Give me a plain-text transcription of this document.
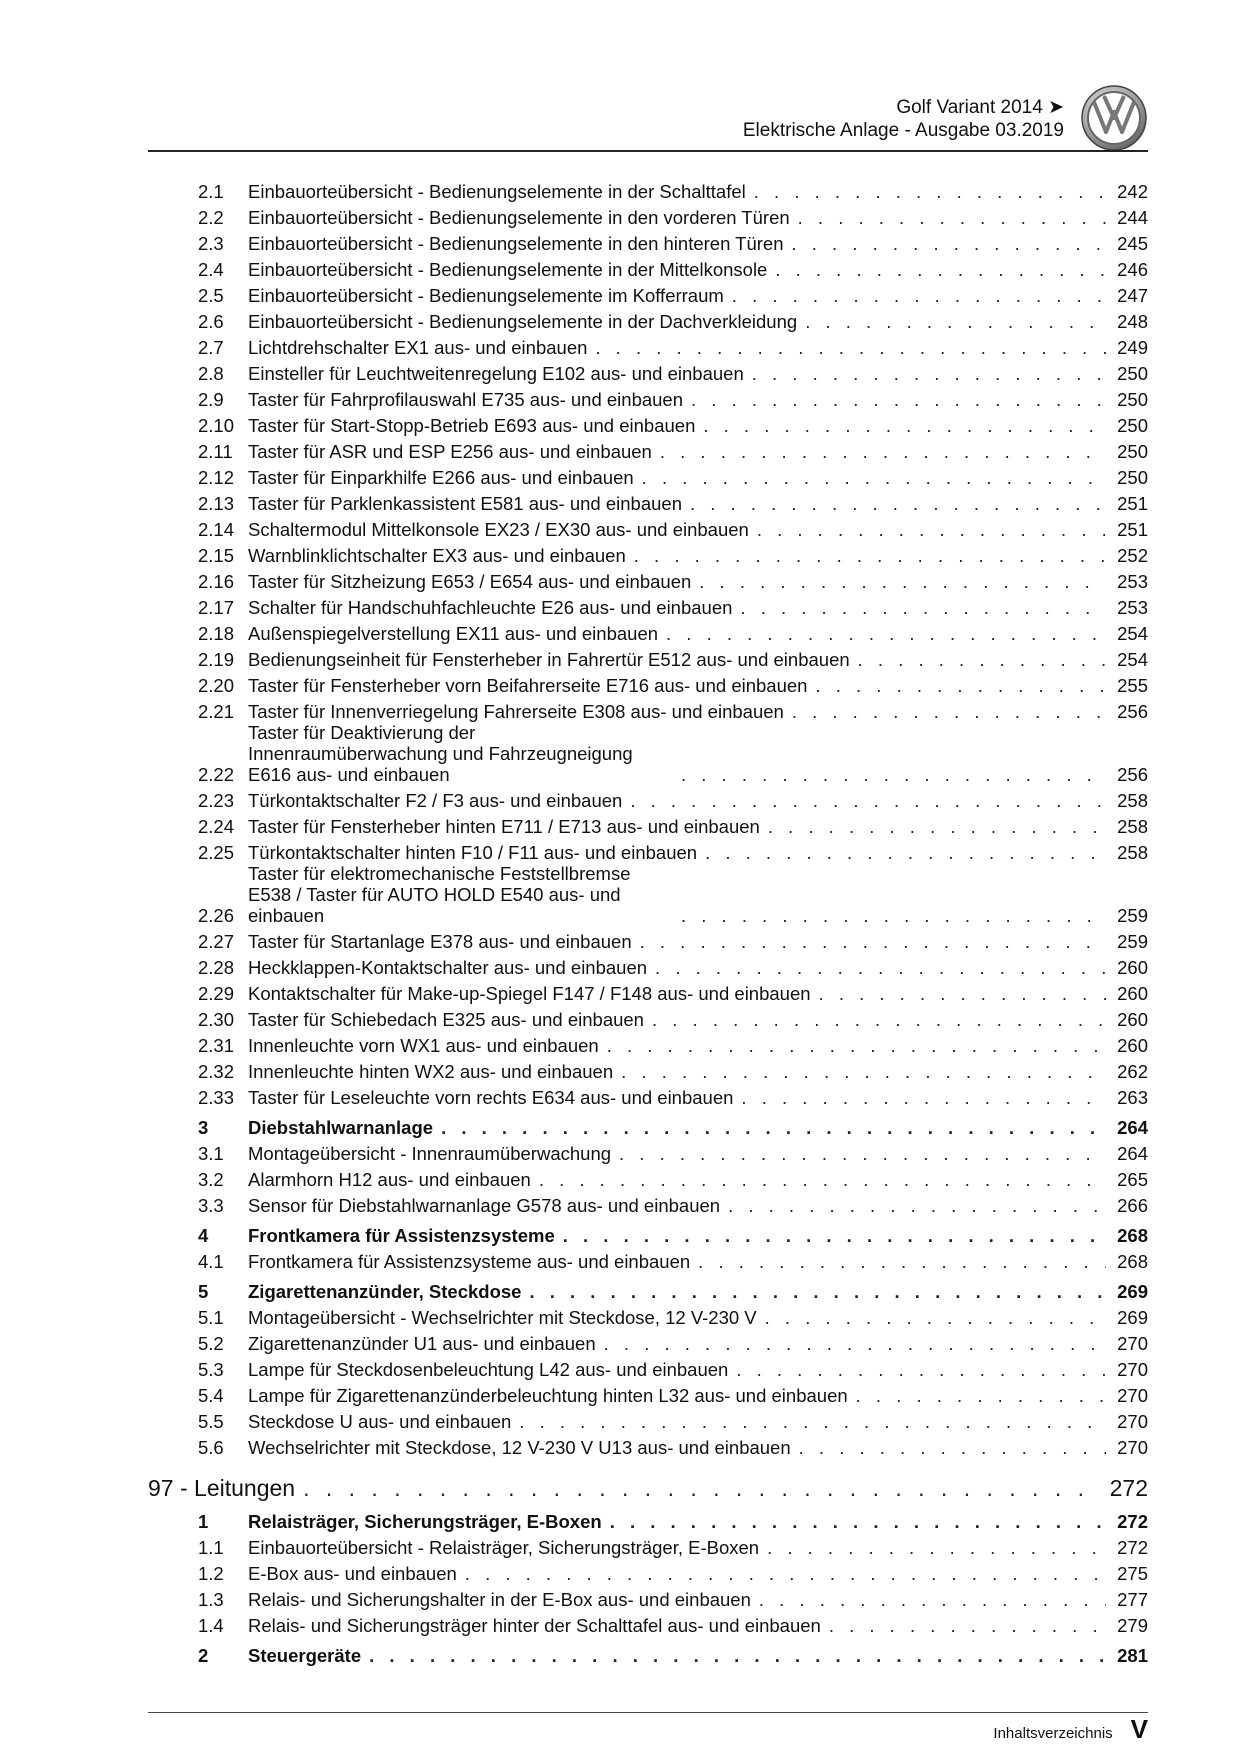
Golf Variant 2014 ➤
Elektrische Anlage - Ausgabe 03.2019
2.1	Einbauorteübersicht - Bedienungselemente in der Schalttafel . . .	242
2.2	Einbauorteübersicht - Bedienungselemente in den vorderen Türen . . .	244
2.3	Einbauorteübersicht - Bedienungselemente in den hinteren Türen . . .	245
2.4	Einbauorteübersicht - Bedienungselemente in der Mittelkonsole . . .	246
2.5	Einbauorteübersicht - Bedienungselemente im Kofferraum . . .	247
2.6	Einbauorteübersicht - Bedienungselemente in der Dachverkleidung . . .	248
2.7	Lichtdrehschalter EX1 aus- und einbauen . . .	249
2.8	Einsteller für Leuchtweitenregelung E102 aus- und einbauen . . .	250
2.9	Taster für Fahrprofilauswahl E735 aus- und einbauen . . .	250
2.10 Taster für Start-Stopp-Betrieb E693 aus- und einbauen . . .	250
2.11 Taster für ASR und ESP E256 aus- und einbauen . . .	250
2.12 Taster für Einparkhilfe E266 aus- und einbauen . . .	250
2.13 Taster für Parklenkassistent E581 aus- und einbauen . . .	251
2.14 Schaltermodul Mittelkonsole EX23 / EX30 aus- und einbauen . . .	251
2.15 Warnblinklichtschalter EX3 aus- und einbauen . . .	252
2.16 Taster für Sitzheizung E653 / E654 aus- und einbauen . . .	253
2.17 Schalter für Handschuhfachleuchte E26 aus- und einbauen . . .	253
2.18 Außenspiegelverstellung EX11 aus- und einbauen . . .	254
2.19 Bedienungseinheit für Fensterheber in Fahrertür E512 aus- und einbauen . . .	254
2.20 Taster für Fensterheber vorn Beifahrerseite E716 aus- und einbauen . . .	255
2.21 Taster für Innenverriegelung Fahrerseite E308 aus- und einbauen . . .	256
2.22
Taster für Deaktivierung der Innenraumüberwachung und Fahrzeugneigung E616 aus- und einbauen . . .	256
2.23 Türkontaktschalter F2 / F3 aus- und einbauen . . .	258
2.24 Taster für Fensterheber hinten E711 / E713 aus- und einbauen . . .	258
2.25 Türkontaktschalter hinten F10 / F11 aus- und einbauen . . .	258
2.26
Taster für elektromechanische Feststellbremse E538 / Taster für AUTO HOLD E540 aus- und einbauen . . .	259
2.27 Taster für Startanlage E378 aus- und einbauen . . .	259
2.28 Heckklappen-Kontaktschalter aus- und einbauen . . .	260
2.29 Kontaktschalter für Make-up-Spiegel F147 / F148 aus- und einbauen . . .	260
2.30 Taster für Schiebedach E325 aus- und einbauen . . .	260
2.31 Innenleuchte vorn WX1 aus- und einbauen . . .	260
2.32 Innenleuchte hinten WX2 aus- und einbauen . . .	262
2.33 Taster für Leseleuchte vorn rechts E634 aus- und einbauen . . .	263
3	Diebstahlwarnanlage . . .	264
3.1	Montageübersicht - Innenraumüberwachung . . .	264
3.2	Alarmhorn H12 aus- und einbauen . . .	265
3.3	Sensor für Diebstahlwarnanlage G578 aus- und einbauen . . .	266
4	Frontkamera für Assistenzsysteme . . .	268
4.1	Frontkamera für Assistenzsysteme aus- und einbauen . . .	268
5	Zigarettenanzünder, Steckdose . . .	269
5.1	Montageübersicht - Wechselrichter mit Steckdose, 12 V-230 V . . .	269
5.2	Zigarettenanzünder U1 aus- und einbauen . . .	270
5.3	Lampe für Steckdosenbeleuchtung L42 aus- und einbauen . . .	270
5.4	Lampe für Zigarettenanzünderbeleuchtung hinten L32 aus- und einbauen . . .	270
5.5	Steckdose U aus- und einbauen . . .	270
5.6	Wechselrichter mit Steckdose, 12 V-230 V U13 aus- und einbauen . . .	270
97 - Leitungen . . .	272
1	Relaisträger, Sicherungsträger, E-Boxen . . .	272
1.1	Einbauorteübersicht - Relaisträger, Sicherungsträger, E-Boxen . . .	272
1.2	E-Box aus- und einbauen . . .	275
1.3	Relais- und Sicherungshalter in der E-Box aus- und einbauen . . .	277
1.4	Relais- und Sicherungsträger hinter der Schalttafel aus- und einbauen . . .	279
2	Steuergeräte . . .	281
Inhaltsverzeichnis V
